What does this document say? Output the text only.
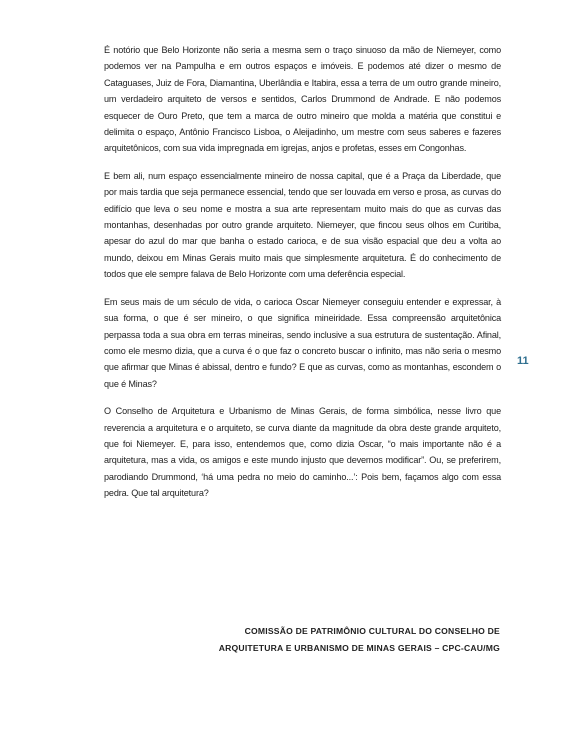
É notório que Belo Horizonte não seria a mesma sem o traço sinuoso da mão de Niemeyer, como podemos ver na Pampulha e em outros espaços e imóveis. E podemos até dizer o mesmo de Cataguases, Juiz de Fora, Diamantina, Uberlândia e Itabira, essa a terra de um outro grande mineiro, um verdadeiro arquiteto de versos e sentidos, Carlos Drummond de Andrade. E não podemos esquecer de Ouro Preto, que tem a marca de outro mineiro que molda a matéria que constitui e delimita o espaço, Antônio Francisco Lisboa, o Aleijadinho, um mestre com seus saberes e fazeres arquitetônicos, com sua vida impregnada em igrejas, anjos e profetas, esses em Congonhas.

E bem ali, num espaço essencialmente mineiro de nossa capital, que é a Praça da Liberdade, que por mais tardia que seja permanece essencial, tendo que ser louvada em verso e prosa, as curvas do edifício que leva o seu nome e mostra a sua arte representam muito mais do que as curvas das montanhas, desenhadas por outro grande arquiteto. Niemeyer, que fincou seus olhos em Curitiba, apesar do azul do mar que banha o estado carioca, e de sua visão espacial que deu a volta ao mundo, deixou em Minas Gerais muito mais que simplesmente arquitetura. É do conhecimento de todos que ele sempre falava de Belo Horizonte com uma deferência especial.

Em seus mais de um século de vida, o carioca Oscar Niemeyer conseguiu entender e expressar, à sua forma, o que é ser mineiro, o que significa mineiridade. Essa compreensão arquitetônica perpassa toda a sua obra em terras mineiras, sendo inclusive a sua estrutura de sustentação. Afinal, como ele mesmo dizia, que a curva é o que faz o concreto buscar o infinito, mas não seria o mesmo que afirmar que Minas é abissal, dentro e fundo? E que as curvas, como as montanhas, escondem o que é Minas?

O Conselho de Arquitetura e Urbanismo de Minas Gerais, de forma simbólica, nesse livro que reverencia a arquitetura e o arquiteto, se curva diante da magnitude da obra deste grande arquiteto, que foi Niemeyer. E, para isso, entendemos que, como dizia Oscar, “o mais importante não é a arquitetura, mas a vida, os amigos e este mundo injusto que devemos modificar”. Ou, se preferirem, parodiando Drummond, ‘há uma pedra no meio do caminho...’: Pois bem, façamos algo com essa pedra. Que tal arquitetura?

11
COMISSÃO DE PATRIMÔNIO CULTURAL DO CONSELHO DE
ARQUITETURA E URBANISMO DE MINAS GERAIS – CPC-CAU/MG
